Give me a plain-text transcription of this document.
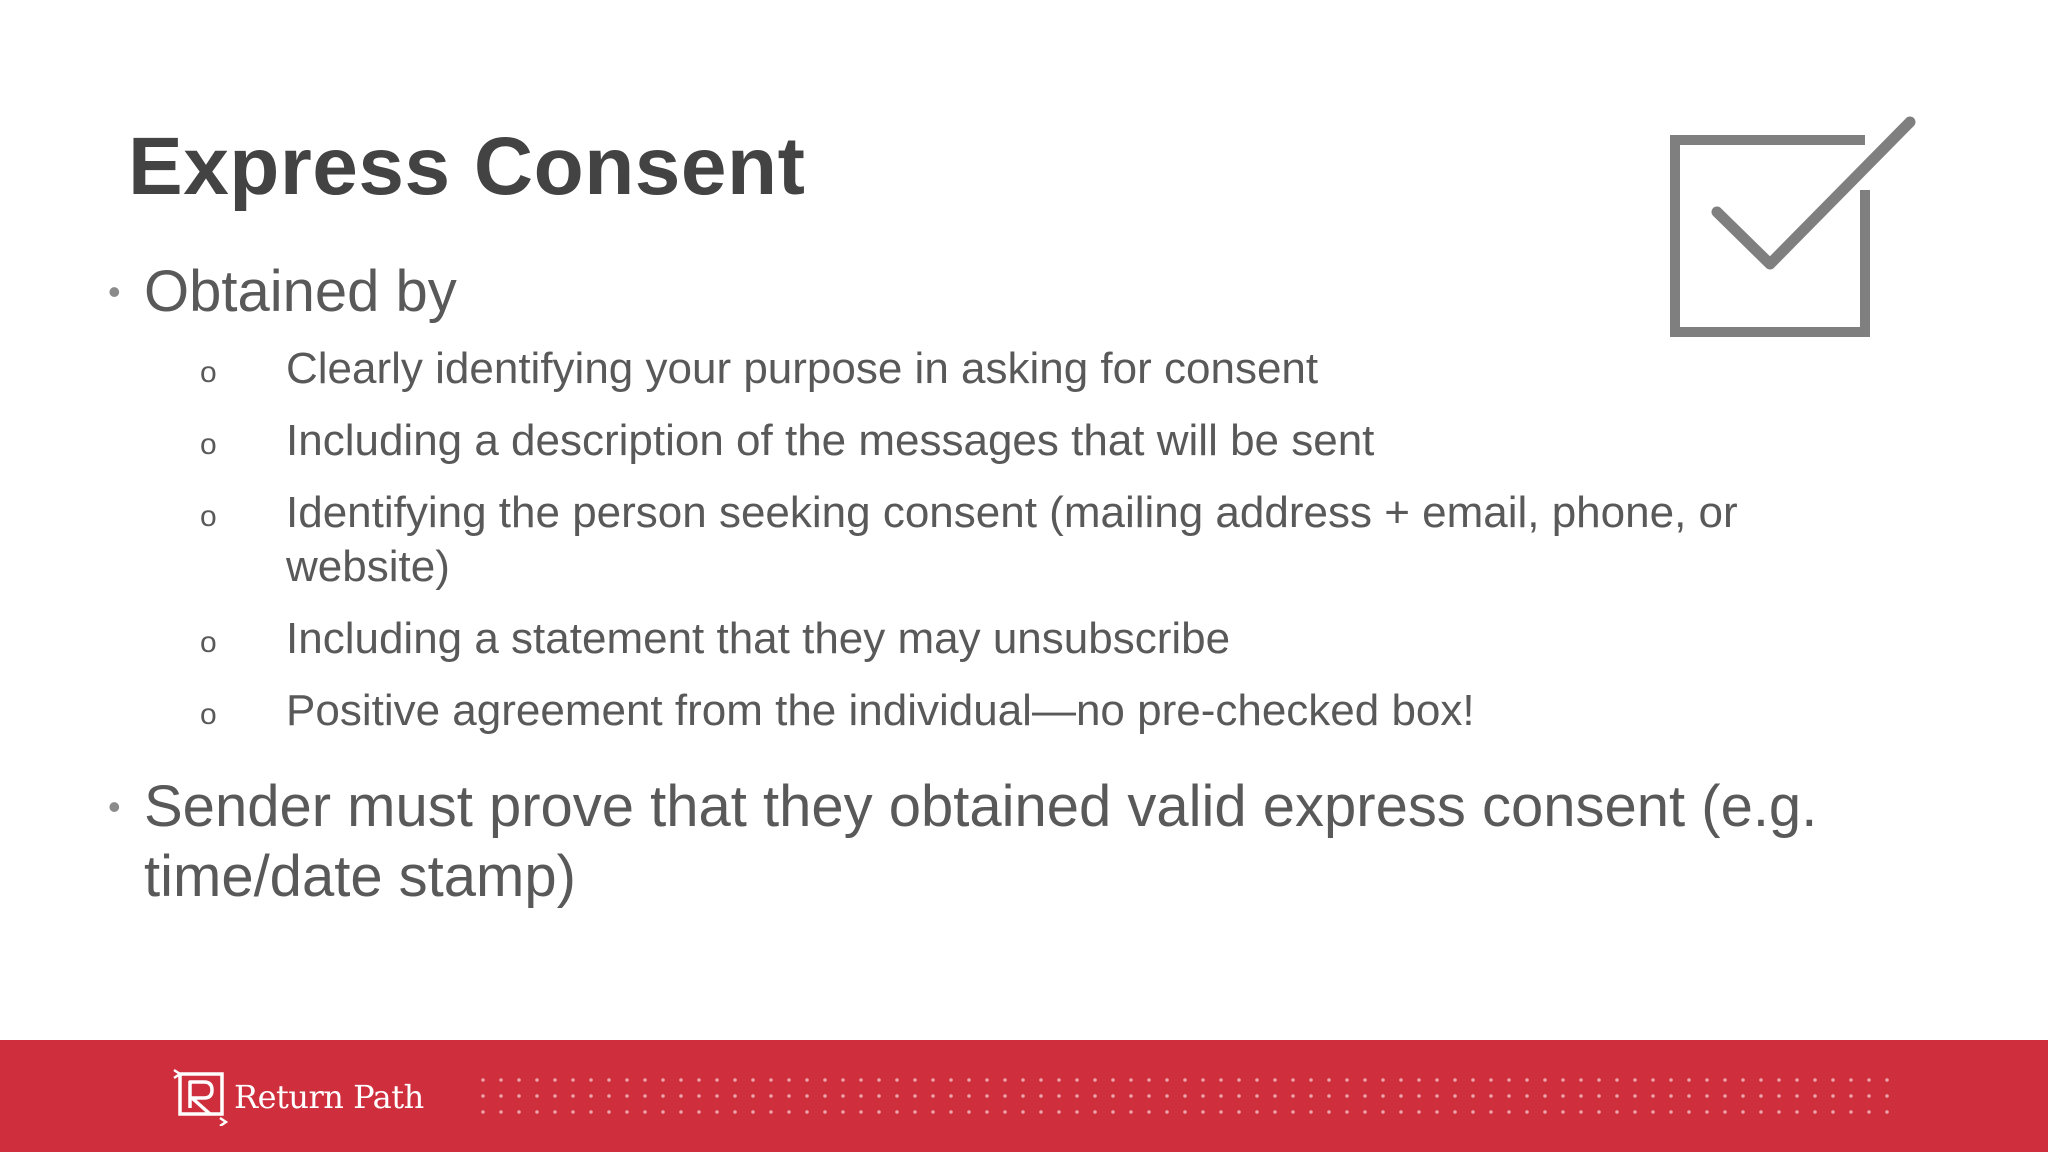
Express Consent
• Obtained by
o Clearly identifying your purpose in asking for consent
o Including a description of the messages that will be sent
o Identifying the person seeking consent (mailing address + email, phone, or website)
o Including a statement that they may unsubscribe
o Positive agreement from the individual—no pre-checked box!
• Sender must prove that they obtained valid express consent (e.g. time/date stamp)
Return Path
